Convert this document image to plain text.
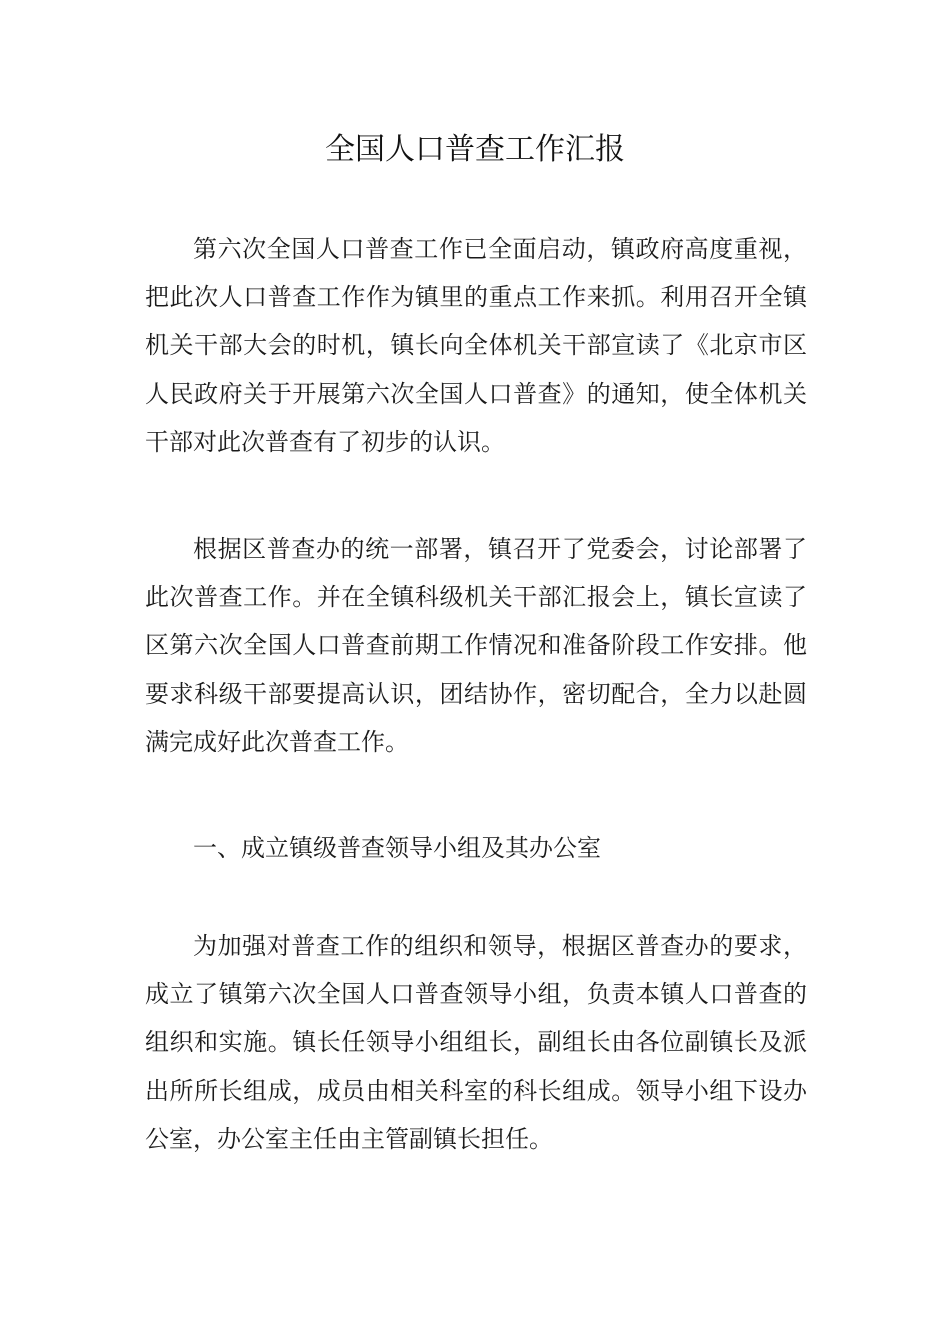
全国人口普查工作汇报

第六次全国人口普查工作已全面启动，镇政府高度重视，把此次人口普查工作作为镇里的重点工作来抓。利用召开全镇机关干部大会的时机，镇长向全体机关干部宣读了《北京市区人民政府关于开展第六次全国人口普查》的通知，使全体机关干部对此次普查有了初步的认识。

根据区普查办的统一部署，镇召开了党委会，讨论部署了此次普查工作。并在全镇科级机关干部汇报会上，镇长宣读了区第六次全国人口普查前期工作情况和准备阶段工作安排。他要求科级干部要提高认识，团结协作，密切配合，全力以赴圆满完成好此次普查工作。

一、成立镇级普查领导小组及其办公室

为加强对普查工作的组织和领导，根据区普查办的要求，成立了镇第六次全国人口普查领导小组，负责本镇人口普查的组织和实施。镇长任领导小组组长，副组长由各位副镇长及派出所所长组成，成员由相关科室的科长组成。领导小组下设办公室，办公室主任由主管副镇长担任。
